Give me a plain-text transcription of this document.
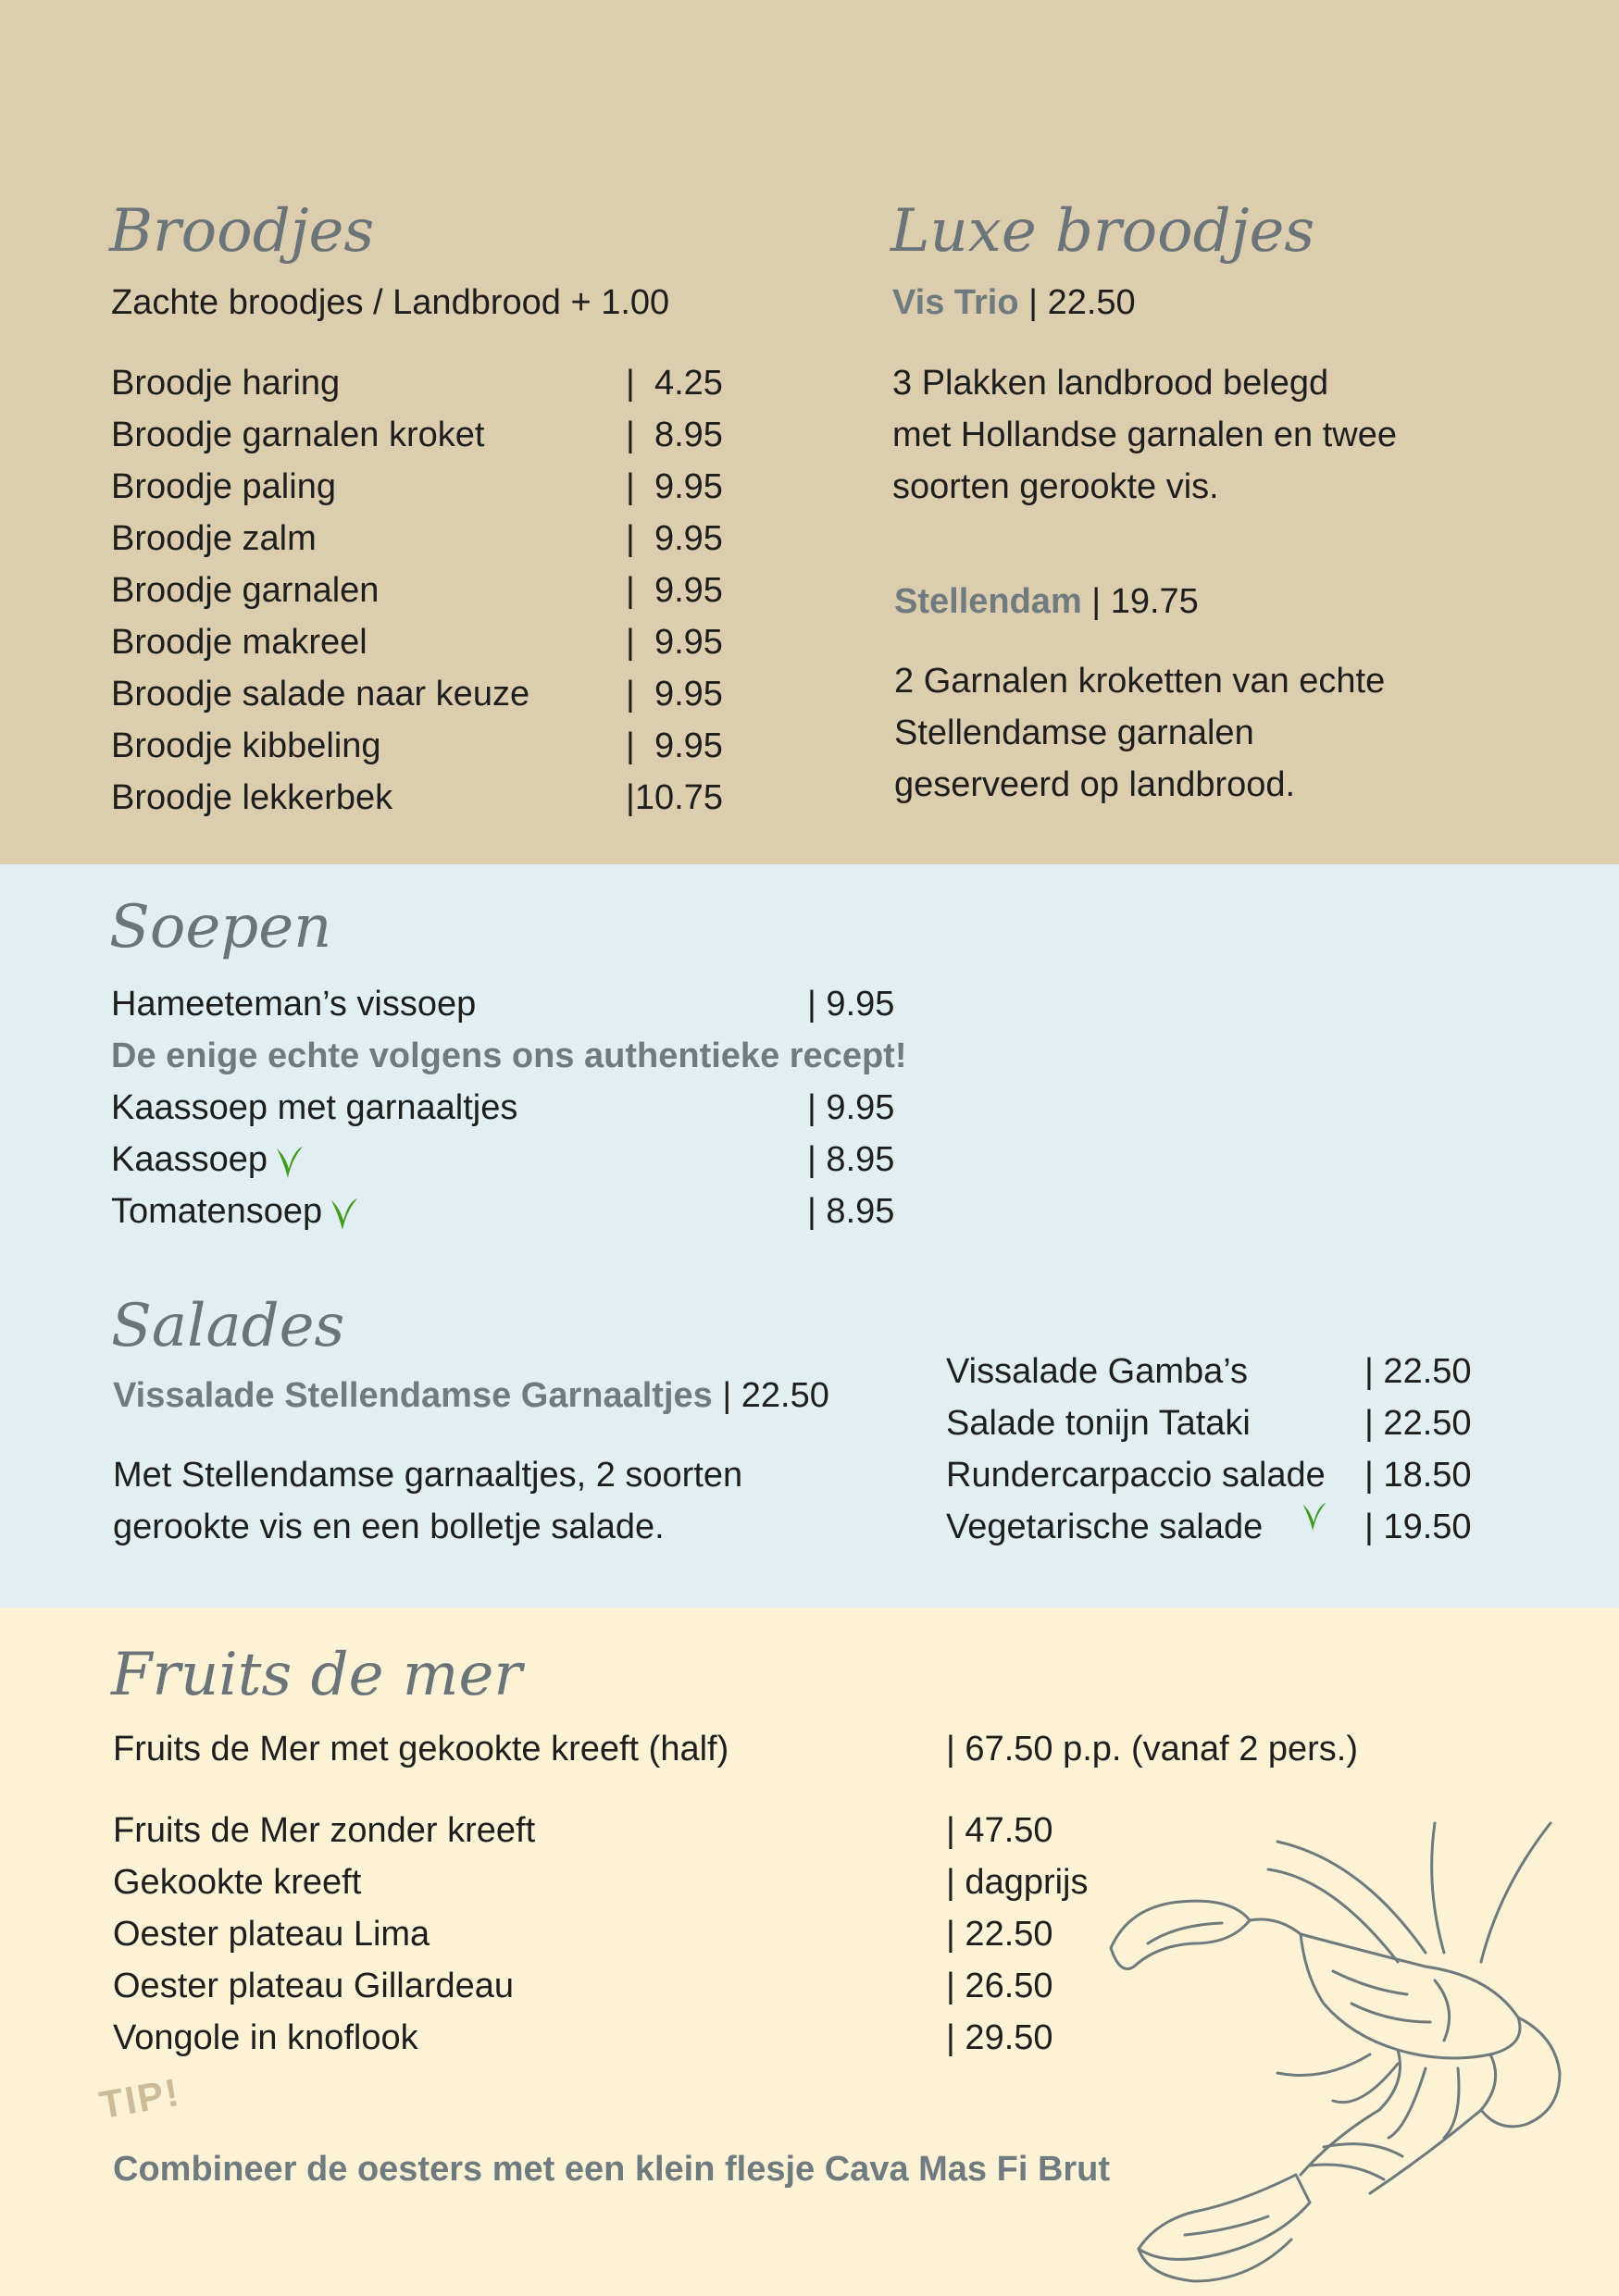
Broodjes
Zachte broodjes / Landbrood + 1.00
Broodje haring	|  4.25
Broodje garnalen kroket	|  8.95
Broodje paling	|  9.95
Broodje zalm	|  9.95
Broodje garnalen	|  9.95
Broodje makreel	|  9.95
Broodje salade naar keuze	|  9.95
Broodje kibbeling	|  9.95
Broodje lekkerbek	|10.75
Luxe broodjes
Vis Trio | 22.50
3 Plakken landbrood belegd
met Hollandse garnalen en twee
soorten gerookte vis.
Stellendam | 19.75
2 Garnalen kroketten van echte
Stellendamse garnalen
geserveerd op landbrood.
Soepen
Hameeteman’s vissoep	| 9.95
De enige echte volgens ons authentieke recept!
Kaassoep met garnaaltjes	| 9.95
Kaassoep	| 8.95
Tomatensoep	| 8.95
Salades
Vissalade Stellendamse Garnaaltjes | 22.50
Met Stellendamse garnaaltjes, 2 soorten
gerookte vis en een bolletje salade.
Vissalade Gamba’s	| 22.50
Salade tonijn Tataki	| 22.50
Rundercarpaccio salade | 18.50
Vegetarische salade	| 19.50
Fruits de mer
Fruits de Mer met gekookte kreeft (half)	| 67.50 p.p. (vanaf 2 pers.)
Fruits de Mer zonder kreeft	| 47.50
Gekookte kreeft	| dagprijs
Oester plateau Lima	| 22.50
Oester plateau Gillardeau	| 26.50
Vongole in knoflook	| 29.50
TIP!
Combineer de oesters met een klein flesje Cava Mas Fi Brut
